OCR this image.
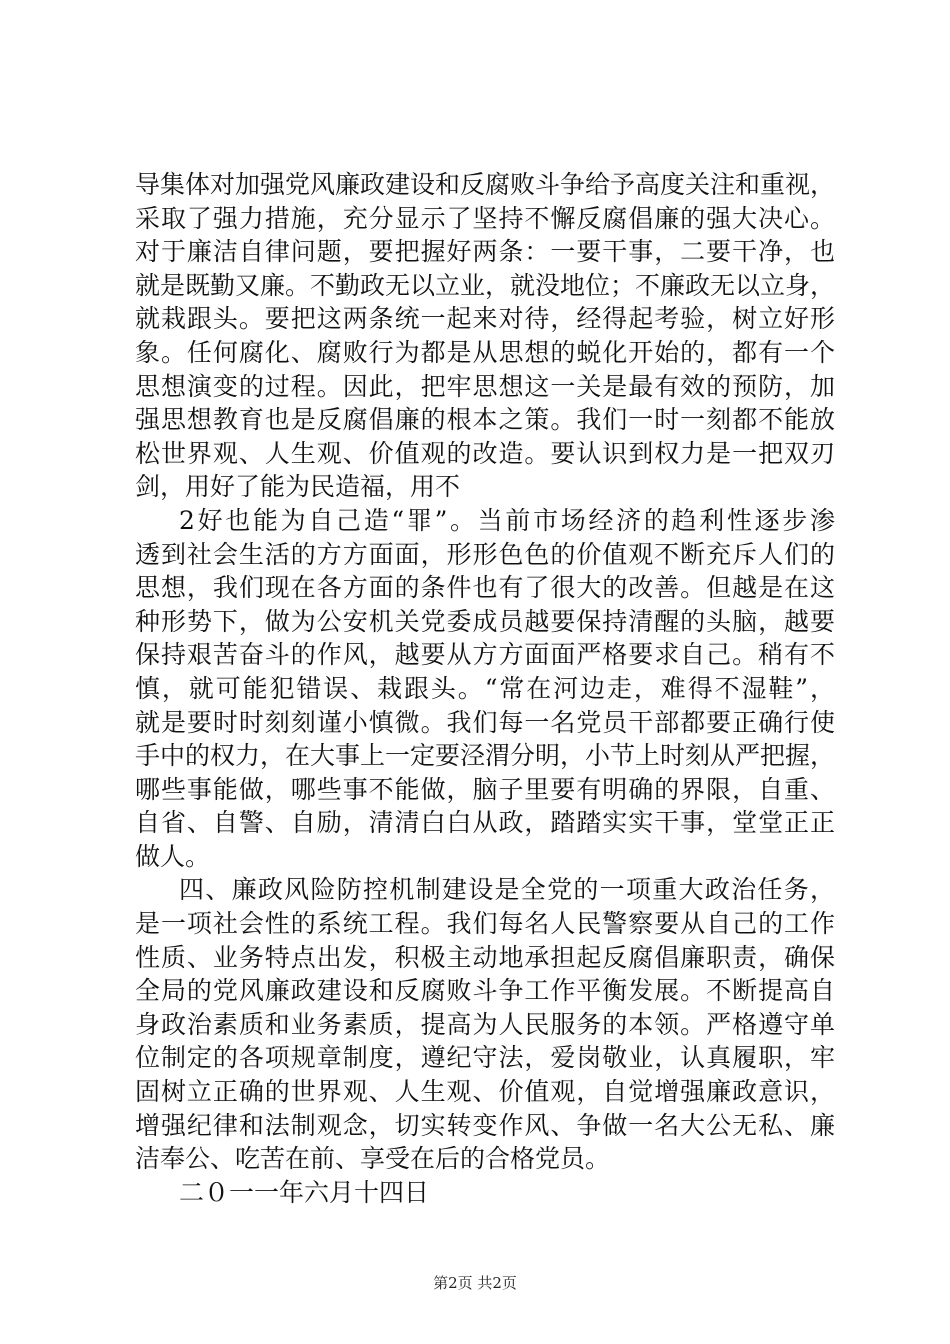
导集体对加强党风廉政建设和反腐败斗争给予高度关注和重视，
采取了强力措施，充分显示了坚持不懈反腐倡廉的强大决心。
对于廉洁自律问题，要把握好两条：一要干事，二要干净，也
就是既勤又廉。不勤政无以立业，就没地位；不廉政无以立身，
就栽跟头。要把这两条统一起来对待，经得起考验，树立好形
象。任何腐化、腐败行为都是从思想的蜕化开始的，都有一个
思想演变的过程。因此，把牢思想这一关是最有效的预防，加
强思想教育也是反腐倡廉的根本之策。我们一时一刻都不能放
松世界观、人生观、价值观的改造。要认识到权力是一把双刃
剑，用好了能为民造福，用不
2好也能为自己造“罪”。当前市场经济的趋利性逐步渗
透到社会生活的方方面面，形形色色的价值观不断充斥人们的
思想，我们现在各方面的条件也有了很大的改善。但越是在这
种形势下，做为公安机关党委成员越要保持清醒的头脑，越要
保持艰苦奋斗的作风，越要从方方面面严格要求自己。稍有不
慎，就可能犯错误、栽跟头。“常在河边走，难得不湿鞋”，
就是要时时刻刻谨小慎微。我们每一名党员干部都要正确行使
手中的权力，在大事上一定要泾渭分明，小节上时刻从严把握，
哪些事能做，哪些事不能做，脑子里要有明确的界限，自重、
自省、自警、自励，清清白白从政，踏踏实实干事，堂堂正正
做人。
四、廉政风险防控机制建设是全党的一项重大政治任务，
是一项社会性的系统工程。我们每名人民警察要从自己的工作
性质、业务特点出发，积极主动地承担起反腐倡廉职责，确保
全局的党风廉政建设和反腐败斗争工作平衡发展。不断提高自
身政治素质和业务素质，提高为人民服务的本领。严格遵守单
位制定的各项规章制度，遵纪守法，爱岗敬业，认真履职，牢
固树立正确的世界观、人生观、价值观，自觉增强廉政意识，
增强纪律和法制观念，切实转变作风、争做一名大公无私、廉
洁奉公、吃苦在前、享受在后的合格党员。
二０一一年六月十四日
第2页 共2页
